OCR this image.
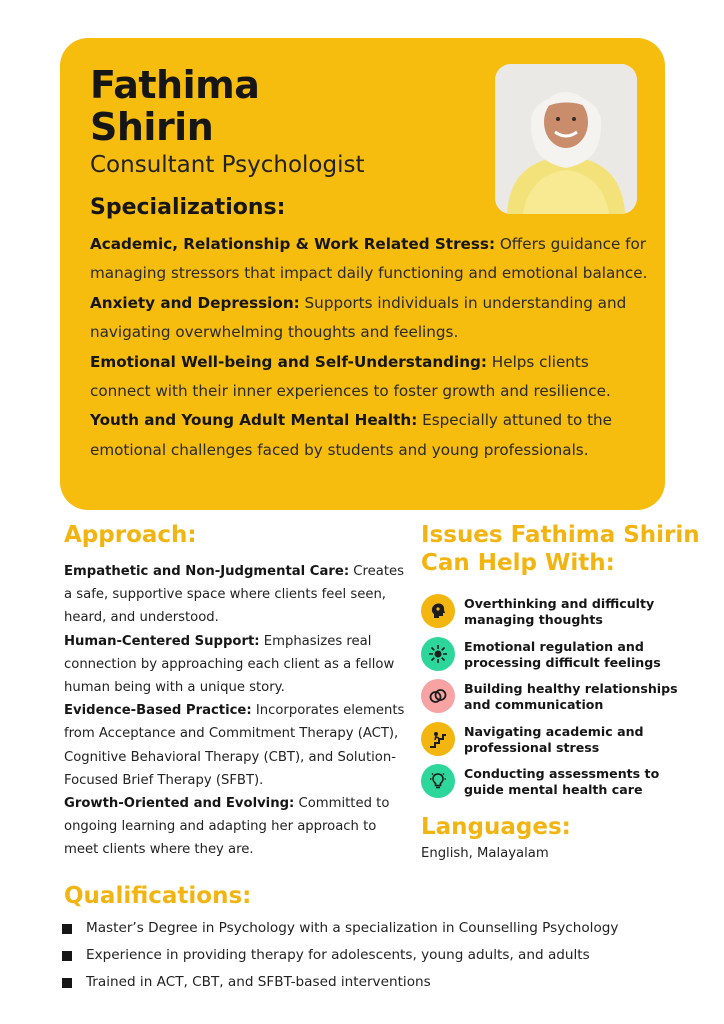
Fathima
Shirin
Consultant Psychologist
Specializations:
Academic, Relationship & Work Related Stress: Offers guidance for managing stressors that impact daily functioning and emotional balance.
Anxiety and Depression: Supports individuals in understanding and navigating overwhelming thoughts and feelings.
Emotional Well-being and Self-Understanding: Helps clients connect with their inner experiences to foster growth and resilience.
Youth and Young Adult Mental Health: Especially attuned to the emotional challenges faced by students and young professionals.
Approach:
Empathetic and Non-Judgmental Care: Creates a safe, supportive space where clients feel seen, heard, and understood.
Human-Centered Support: Emphasizes real connection by approaching each client as a fellow human being with a unique story.
Evidence-Based Practice: Incorporates elements from Acceptance and Commitment Therapy (ACT), Cognitive Behavioral Therapy (CBT), and Solution-Focused Brief Therapy (SFBT).
Growth-Oriented and Evolving: Committed to ongoing learning and adapting her approach to meet clients where they are.
Issues Fathima Shirin
Can Help With:
Overthinking and difficulty managing thoughts
Emotional regulation and processing difficult feelings
Building healthy relationships and communication
Navigating academic and professional stress
Conducting assessments to guide mental health care
Languages:

English, Malayalam

Qualifications:
Master’s Degree in Psychology with a specialization in Counselling Psychology
Experience in providing therapy for adolescents, young adults, and adults
Trained in ACT, CBT, and SFBT-based interventions
